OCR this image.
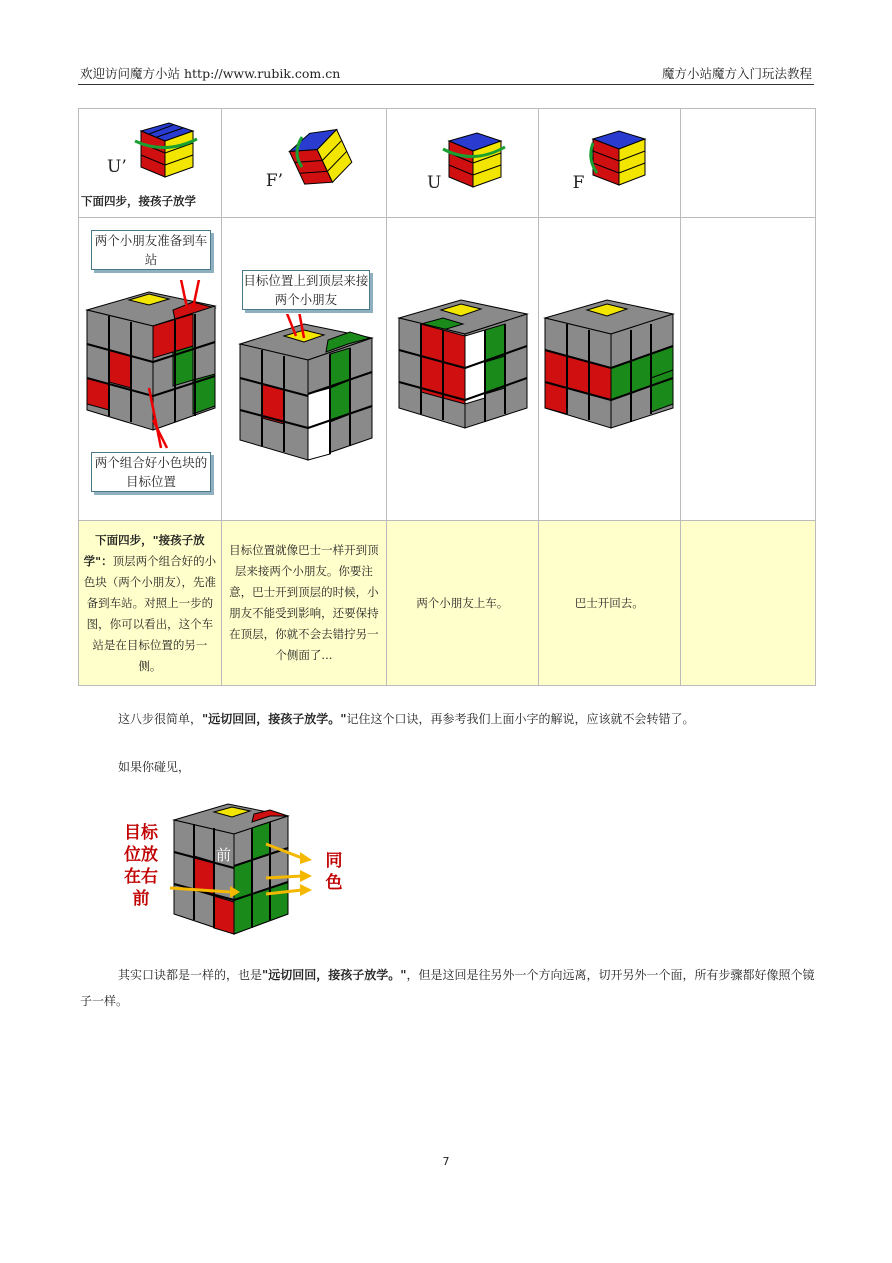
欢迎访问魔方小站 http://www.rubik.com.cn	魔方小站魔方入门玩法教程
U’
下面四步，接孩子放学	F’	U	F	

两个小朋友准备到车站
两个组合好小色块的目标位置	目标位置上到顶层来接两个小朋友

下面四步，"接孩子放学"：顶层两个组合好的小色块（两个小朋友），先准备到车站。对照上一步的图，你可以看出，这个车站是在目标位置的另一侧。	目标位置就像巴士一样开到顶层来接两个小朋友。你要注意，巴士开到顶层的时候，小朋友不能受到影响，还要保持在顶层，你就不会去错拧另一个侧面了...	两个小朋友上车。	巴士开回去。	
这八步很简单，"远切回回，接孩子放学。"记住这个口诀，再参考我们上面小字的解说，应该就不会转错了。
如果你碰见，
目标位放在右前
前	同色
其实口诀都是一样的，也是"远切回回，接孩子放学。"，但是这回是往另外一个方向远离，切开另外一个面，所有步骤都好像照个镜子一样。
7
